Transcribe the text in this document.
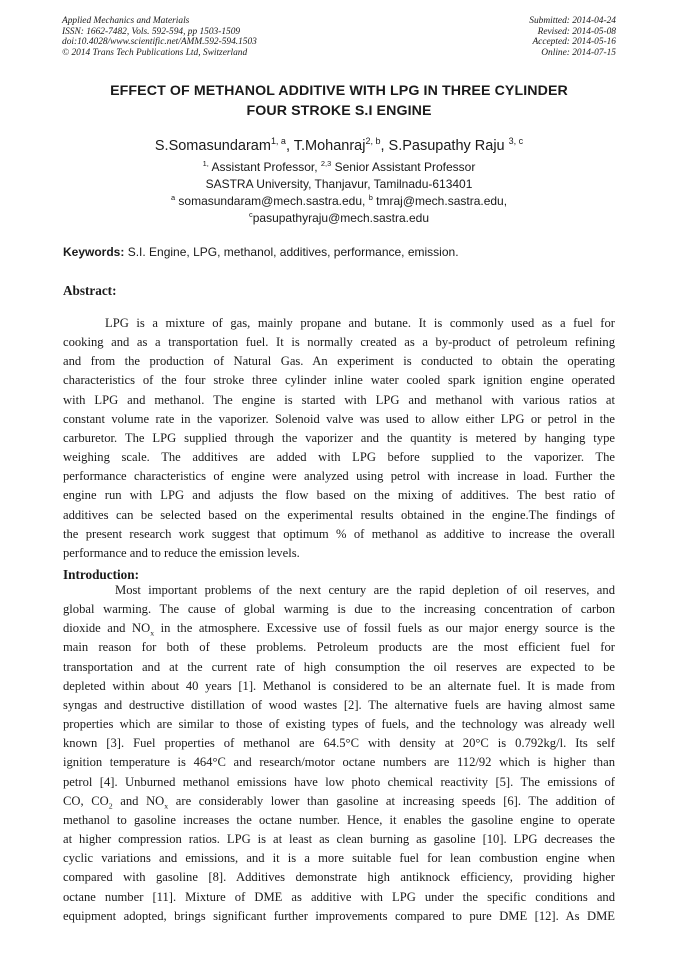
Applied Mechanics and Materials
ISSN: 1662-7482, Vols. 592-594, pp 1503-1509
doi:10.4028/www.scientific.net/AMM.592-594.1503
© 2014 Trans Tech Publications Ltd, Switzerland
Submitted: 2014-04-24
Revised: 2014-05-08
Accepted: 2014-05-16
Online: 2014-07-15
EFFECT OF METHANOL ADDITIVE WITH LPG IN THREE CYLINDER
FOUR STROKE S.I ENGINE
S.Somasundaram$^{1, a}$, T.Mohanraj$^{2, b}$, S.Pasupathy Raju $^{3, c}$
$^{1,}$ Assistant Professor, $^{2,3}$ Senior Assistant Professor
SASTRA University, Thanjavur, Tamilnadu-613401
$^a$ somasundaram@mech.sastra.edu, $^b$ tmraj@mech.sastra.edu,
$^c$pasupathyraju@mech.sastra.edu
Keywords: S.I. Engine, LPG, methanol, additives, performance, emission.
Abstract:
LPG is a mixture of gas, mainly propane and butane. It is commonly used as a fuel for
cooking and as a transportation fuel. It is normally created as a by-product of petroleum refining
and from the production of Natural Gas. An experiment is conducted to obtain the operating
characteristics of the four stroke three cylinder inline water cooled spark ignition engine operated
with LPG and methanol. The engine is started with LPG and methanol with various ratios at
constant volume rate in the vaporizer. Solenoid valve was used to allow either LPG or petrol in the
carburetor. The LPG supplied through the vaporizer and the quantity is metered by hanging type
weighing scale. The additives are added with LPG before supplied to the vaporizer. The
performance characteristics of engine were analyzed using petrol with increase in load. Further the
engine run with LPG and adjusts the flow based on the mixing of additives. The best ratio of
additives can be selected based on the experimental results obtained in the engine.The findings of
the present research work suggest that optimum % of methanol as additive to increase the overall
performance and to reduce the emission levels.
Introduction:
Most important problems of the next century are the rapid depletion of oil reserves, and
global warming. The cause of global warming is due to the increasing concentration of carbon
dioxide and $NO_x$ in the atmosphere. Excessive use of fossil fuels as our major energy source is the
main reason for both of these problems. Petroleum products are the most efficient fuel for
transportation and at the current rate of high consumption the oil reserves are expected to be
depleted within about 40 years [1]. Methanol is considered to be an alternate fuel. It is made from
syngas and destructive distillation of wood wastes [2]. The alternative fuels are having almost same
properties which are similar to those of existing types of fuels, and the technology was already well
known [3]. Fuel properties of methanol are 64.5°C with density at 20°C is 0.792kg/l. Its self
ignition temperature is 464°C and research/motor octane numbers are 112/92 which is higher than
petrol [4]. Unburned methanol emissions have low photo chemical reactivity [5]. The emissions of
CO, $CO_2$ and $NO_x$ are considerably lower than gasoline at increasing speeds [6]. The addition of
methanol to gasoline increases the octane number. Hence, it enables the gasoline engine to operate
at higher compression ratios. LPG is at least as clean burning as gasoline [10]. LPG decreases the
cyclic variations and emissions, and it is a more suitable fuel for lean combustion engine when
compared with gasoline [8]. Additives demonstrate high antiknock efficiency, providing higher
octane number [11]. Mixture of DME as additive with LPG under the specific conditions and
equipment adopted, brings significant further improvements compared to pure DME [12]. As DME
